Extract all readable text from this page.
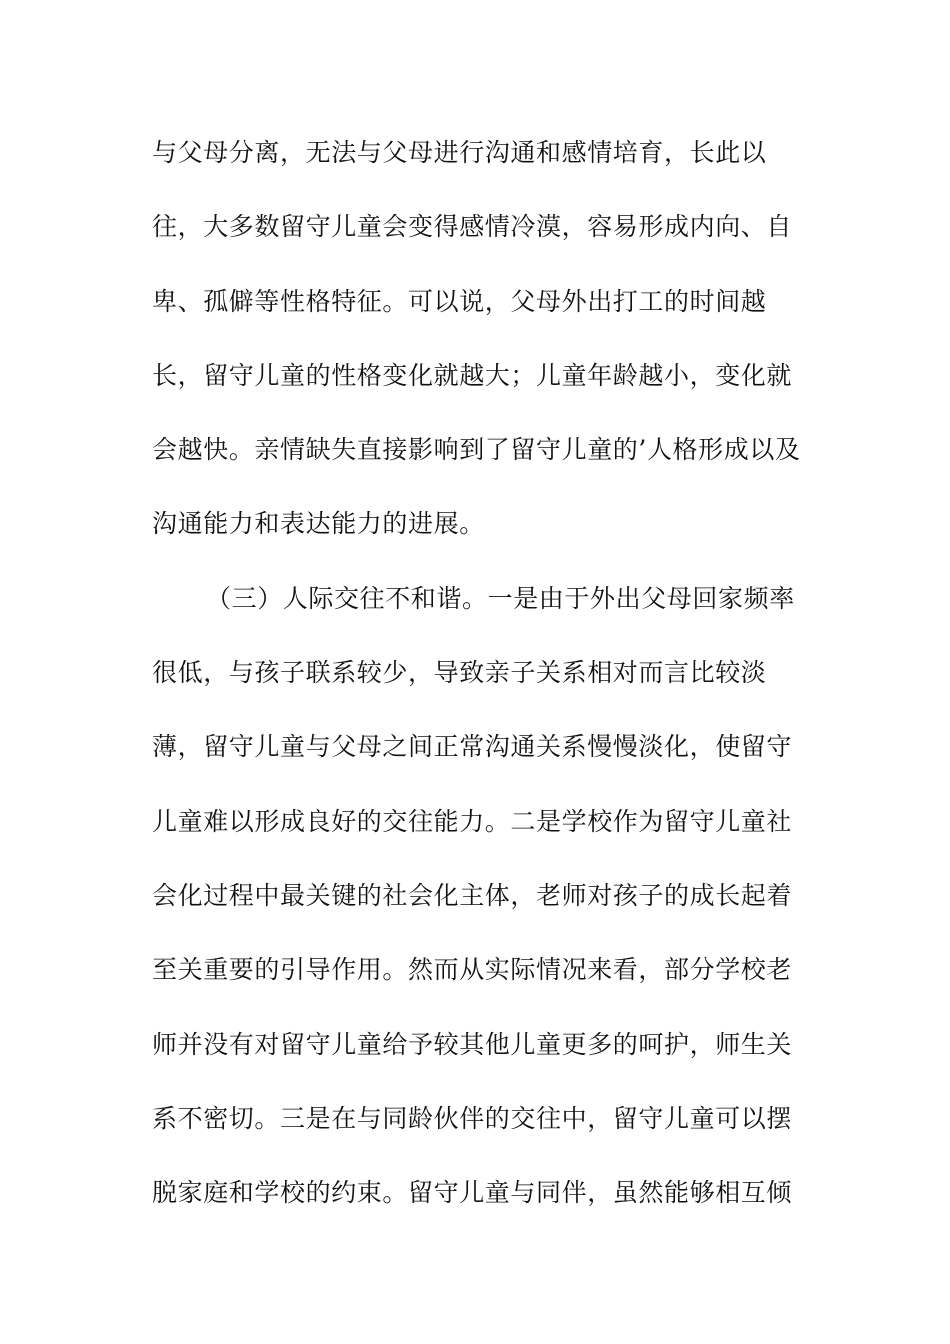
与父母分离，无法与父母进行沟通和感情培育，长此以
往，大多数留守儿童会变得感情冷漠，容易形成内向、自
卑、孤僻等性格特征。可以说，父母外出打工的时间越
长，留守儿童的性格变化就越大；儿童年龄越小，变化就
会越快。亲情缺失直接影响到了留守儿童的’人格形成以及
沟通能力和表达能力的进展。
（三）人际交往不和谐。一是由于外出父母回家频率
很低，与孩子联系较少，导致亲子关系相对而言比较淡
薄，留守儿童与父母之间正常沟通关系慢慢淡化，使留守
儿童难以形成良好的交往能力。二是学校作为留守儿童社
会化过程中最关键的社会化主体，老师对孩子的成长起着
至关重要的引导作用。然而从实际情况来看，部分学校老
师并没有对留守儿童给予较其他儿童更多的呵护，师生关
系不密切。三是在与同龄伙伴的交往中，留守儿童可以摆
脱家庭和学校的约束。留守儿童与同伴，虽然能够相互倾
